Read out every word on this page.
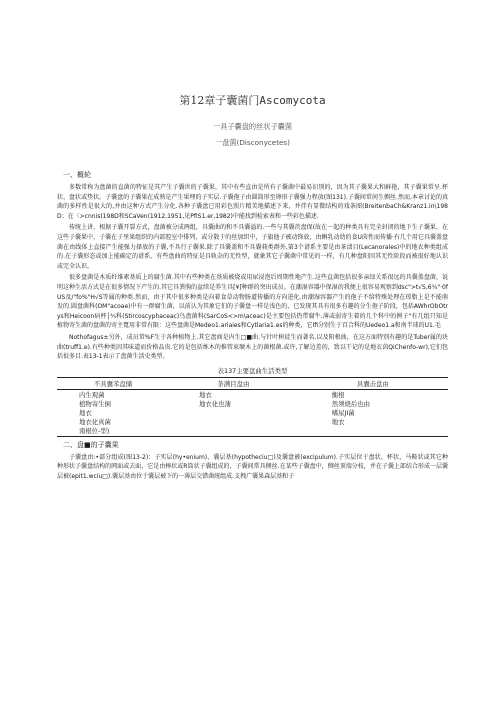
第12章子囊菌门Ascomycota
一具子囊盘的丝状子囊菌
一盘菌(Disconycetes)
一、概轮

多数常称为盘菌的直菌的特征是其产生子囊世的子囊果，其中有些直由是所有子囊菌中最易识别的，因为其子囊果大和鲜艳，其子囊果常呈.杯状、盘状或垫状。子囊盘的子囊果在成熟是产生果埋的子实层.子囊孢子由圆筒形至卵形子囊强力程放(图131).子囊间常间生侧丝.然而,本章讨论的真菌的多样性是很大的,并由这种方式产生分化.各种子囊盘已用彩色照片精美地描述下来，并伴有显微结构的戏条图(BreitenbaCh&Kranz1.in\198D；在〈>cnnis(198D和SCaVen(1912,1951,见PfiS1.er,1982)中能找到检索表和一些彩色描述.

传统上讲，根据子囊开裂方式，盘菌被分成两组，具囊曲的和不具囊溢的.一些与其囊茨盘保(故在一起的种类具有完全封闭的地下生子囊果，在这些子囊果中，子囊在子里果组织的内部腔室中排列，或分散于的丝加织中，子旗他子被动锋放，由蝌乳动幼的食U茵性而传播·有几个用它具囊盖盘菌在由线体上直接产生能强力择放的子囊,不具行子囊果.除了具囊盖和不具囊莪类群外,第3个谱系主要是由茶渍目(Lecanorales)中的地衣种类组成的.在子囊形态或加上能确定的谱系，有些盘曲的特征是具轨杂的无性型，就象其它子囊菌中常见的一样，有几种盘阳因其无性阶段而被很好地认识或完全认识。

很多盘菌是木质纤维素基质上的腐生菌.其中有些种类在基质被烧或用尿浸泡后周期性地产生.这些直菌包括很多亲绿关系很远的具囊盖盘菌，说明这种生活方式是在很多情况下产生的.其它具粪朐的盆续是养生具[¥]种群的突出成员。在潮湿容器中保湿的我便上很容易观察到dsc">t√S,6¾"·0fUS及/"fo%"H√S等属的种类.然而，由于其中很多种类是向着食草动物肠道传播的方向进化.由潮湿容器产生的孢子不给特殊处理在琼脂上是不能萌发的.圆盘菌科(OM"acoae)中有一群腐生菌，以前认为其象它们的子囊盘一样是浅色的，已发现其具有很多有趣的分生孢子阶段，包括AWhrObOtrys和Heicoon病杯│¾科(Stircoscyphaceac)鸟盘菌科(SarCoS<>m\aceac)是主要包括热带腐牛.薄或弱寄生着的几个科中的例子"有几组只知是植物寄生菌的盘菌的寄主寬用非常有限：这些盘菌是Medeo1.ariaies和Cytlaria1.es的种类，它lfi分别生于百合科的Uedeo1.a和南半球的U1.毛

Nothofagus±另外，成员常%F生于各种植物上.其它盘商是内生□■曲.与针叶树徒生而著名.以及阳根曲，在这方面特别有趣的是Tuber属的块曲(truff1.e).有些种类因其味道而价格品贵.它的是包括炼木的推管束硬木上的菌根菌.或许,了解边差的，致以干记的是地衣茵QiChenfo-wr),它们包括很多目.表13-1表示了盘菌生活史类型。

表137主要盘曲生活类型
不具囊苯盘储	茶满目盘由	具囊击盘由
内生观菌	地衣	衡根
植物寄生倒	地衣化也蒲	然须烧后也由
地衣		嗜尿JI菌
地衣化真菌		地衣
南根位-型)		
二、盘■的子囊果

子囊盘由:•部分组成(图13-2)：子实层(hy•enium)、囊层基(hypotheciu□)及囊盘被(excipulum).子实层位于盘状、杯状、马鞍状或其它种种形状子囊盘结构的网面或去面，它是由棒状或R筒状子囊组成的，子囊间常具侧丝.在某些子囊盘中，侧丝顶端分枝，并在子囊上部结合形成一层囊层被(epit1.wciu□).囊层基由位于囊层被下的一薄层交错菌统组成.支拽广囊果森层基和子
